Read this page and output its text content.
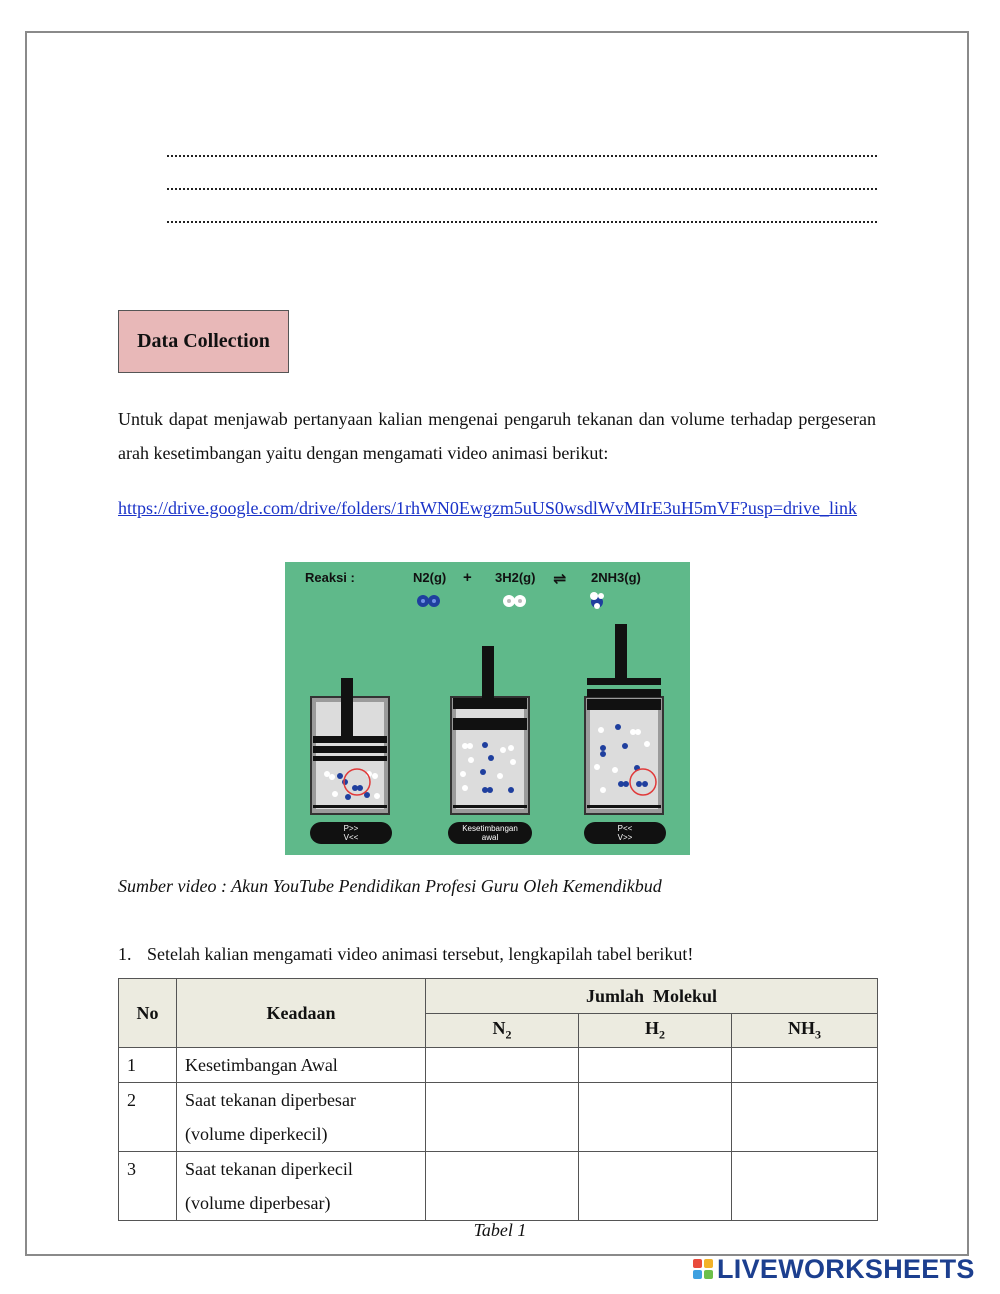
Data Collection
Untuk dapat menjawab pertanyaan kalian mengenai pengaruh tekanan dan volume terhadap pergeseran arah kesetimbangan yaitu dengan mengamati video animasi berikut:
https://drive.google.com/drive/folders/1rhWN0Ewgzm5uUS0wsdlWvMIrE3uH5mVF?usp=drive_link
Reaksi :	N2(g) + 3H2(g) ⇌ 2NH3(g)
P>>
V<<
Kesetimbangan
awal
P<<
V>>
Sumber video : Akun YouTube Pendidikan Profesi Guru Oleh Kemendikbud
1. Setelah kalian mengamati video animasi tersebut, lengkapilah tabel berikut!
No	Keadaan	Jumlah  Molekul		
		$N_2$	$H_2$	$NH_3$

1	Kesetimbangan Awal			

2	Saat tekanan diperbesar
(volume diperkecil)			

3	Saat tekanan diperkecil
(volume diperbesar)			

Tabel 1
LIVEWORKSHEETS
